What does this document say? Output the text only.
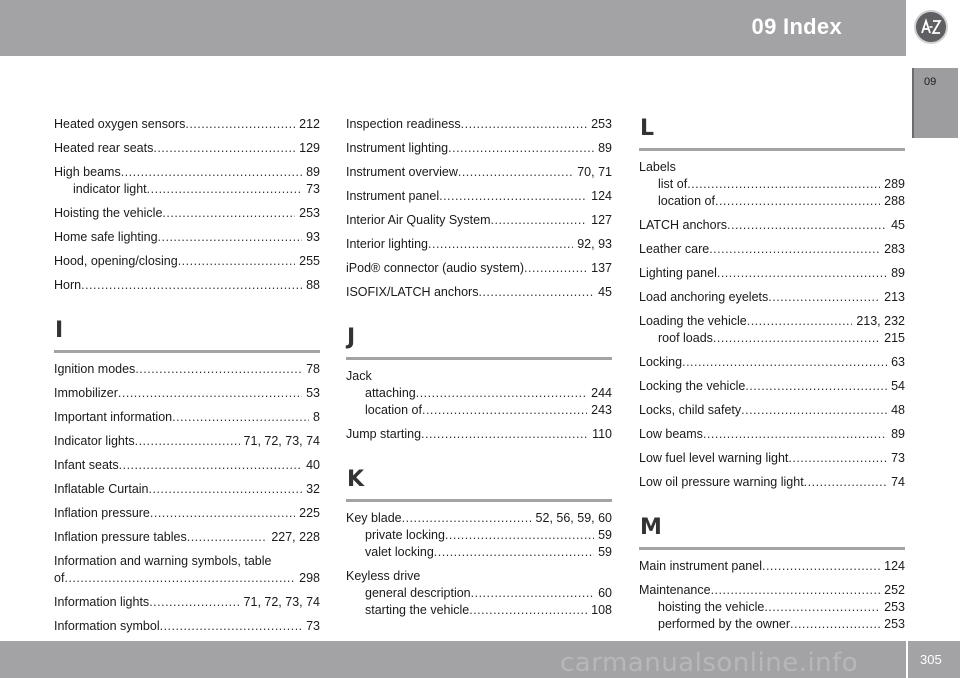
09 Index
09
Heated oxygen sensors .....	212
Heated rear seats .....	129
High beams .....	89
indicator light .....	73
Hoisting the vehicle .....	253
Home safe lighting .....	93
Hood, opening/closing .....	255
Horn .....	88
I
Ignition modes .....	78
Immobilizer .....	53
Important information .....	8
Indicator lights .....	71, 72, 73, 74
Infant seats .....	40
Inflatable Curtain .....	32
Inflation pressure .....	225
Inflation pressure tables .....	227, 228
Information and warning symbols, table
of .....	298
Information lights .....	71, 72, 73, 74
Information symbol .....	73
Inspection readiness .....	253
Instrument lighting .....	89
Instrument overview .....	70, 71
Instrument panel .....	124
Interior Air Quality System .....	127
Interior lighting .....	92, 93
iPod® connector (audio system) .....	137
ISOFIX/LATCH anchors .....	45
J
Jack
attaching .....	244
location of .....	243
Jump starting .....	110
K
Key blade .....	52, 56, 59, 60
private locking .....	59
valet locking .....	59
Keyless drive
general description .....	60
starting the vehicle .....	108
L
Labels
list of .....	289
location of .....	288
LATCH anchors .....	45
Leather care .....	283
Lighting panel .....	89
Load anchoring eyelets .....	213
Loading the vehicle .....	213, 232
roof loads .....	215
Locking .....	63
Locking the vehicle .....	54
Locks, child safety .....	48
Low beams .....	89
Low fuel level warning light .....	73
Low oil pressure warning light .....	74
M
Main instrument panel .....	124
Maintenance .....	252
hoisting the vehicle .....	253
performed by the owner .....	253
carmanualsonline.info	305
